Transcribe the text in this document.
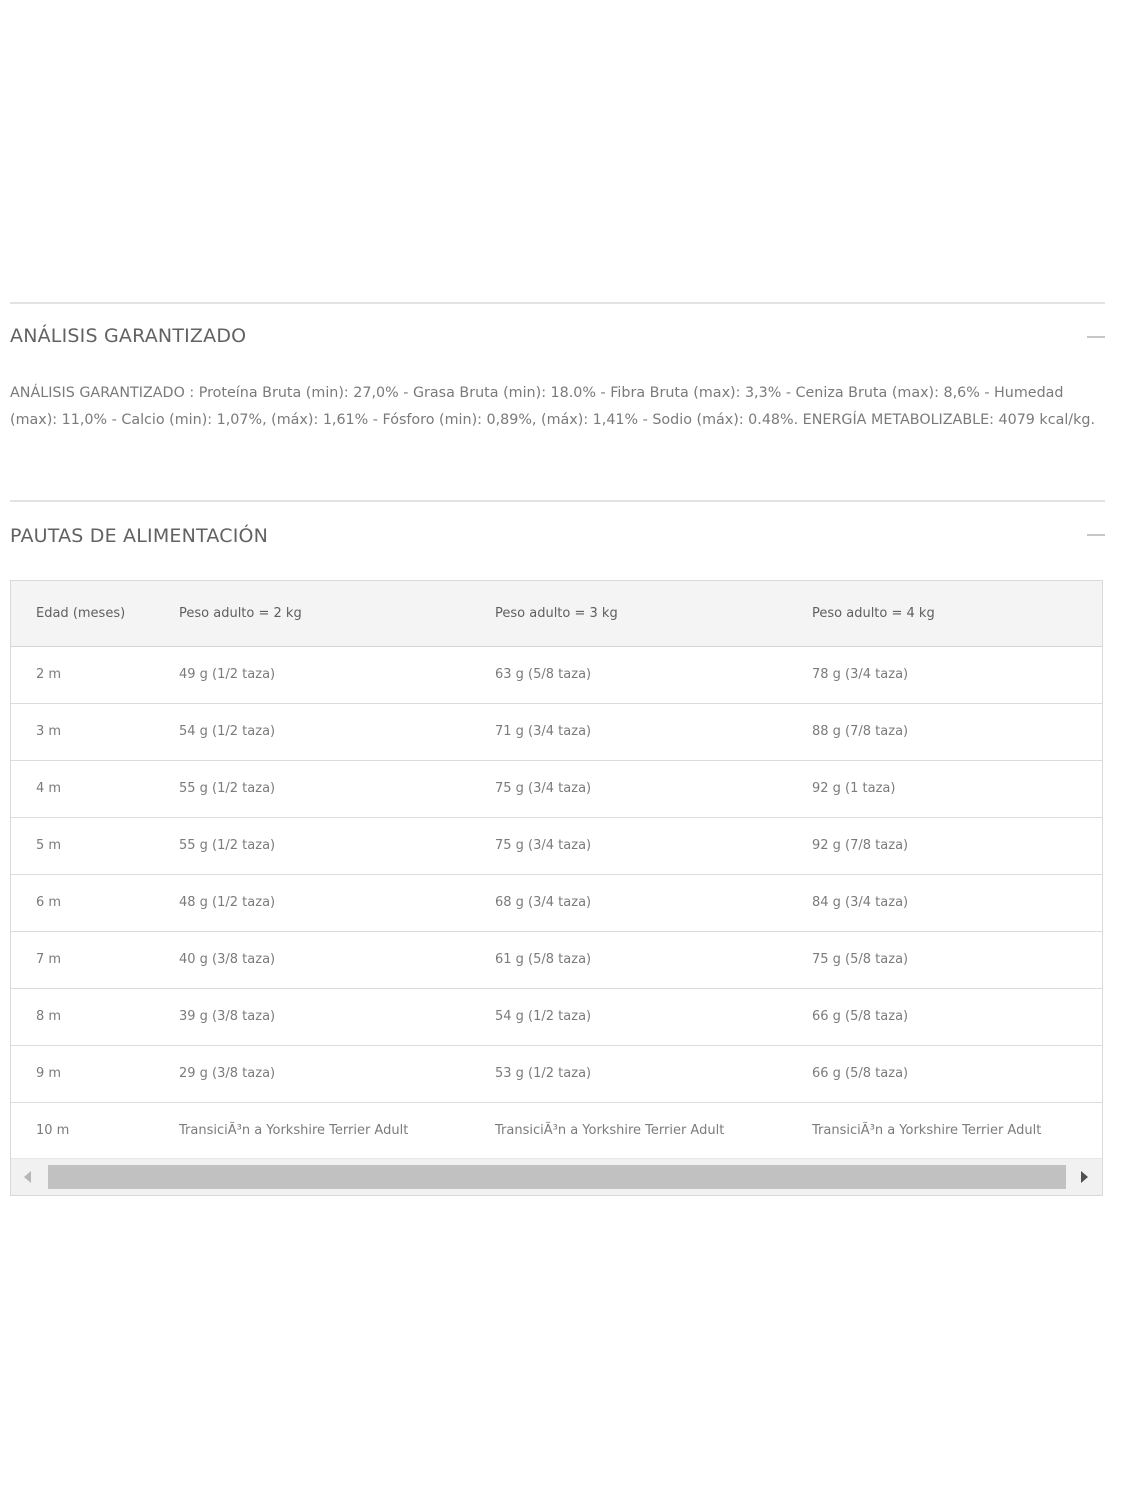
ANÁLISIS GARANTIZADO

ANÁLISIS GARANTIZADO : Proteína Bruta (min): 27,0% - Grasa Bruta (min): 18.0% - Fibra Bruta (max): 3,3% - Ceniza Bruta (max): 8,6% - Humedad (max): 11,0% - Calcio (min): 1,07%, (máx): 1,61% - Fósforo (min): 0,89%, (máx): 1,41% - Sodio (máx): 0.48%. ENERGÍA METABOLIZABLE: 4079 kcal/kg.

PAUTAS DE ALIMENTACIÓN
Edad (meses)	Peso adulto = 2 kg	Peso adulto = 3 kg	Peso adulto = 4 kg
2 m	49 g (1/2 taza)	63 g (5/8 taza)	78 g (3/4 taza)
3 m	54 g (1/2 taza)	71 g (3/4 taza)	88 g (7/8 taza)
4 m	55 g (1/2 taza)	75 g (3/4 taza)	92 g (1 taza)
5 m	55 g (1/2 taza)	75 g (3/4 taza)	92 g (7/8 taza)
6 m	48 g (1/2 taza)	68 g (3/4 taza)	84 g (3/4 taza)
7 m	40 g (3/8 taza)	61 g (5/8 taza)	75 g (5/8 taza)
8 m	39 g (3/8 taza)	54 g (1/2 taza)	66 g (5/8 taza)
9 m	29 g (3/8 taza)	53 g (1/2 taza)	66 g (5/8 taza)
10 m	TransiciÃ³n a Yorkshire Terrier Adult	TransiciÃ³n a Yorkshire Terrier Adult	TransiciÃ³n a Yorkshire Terrier Adult
